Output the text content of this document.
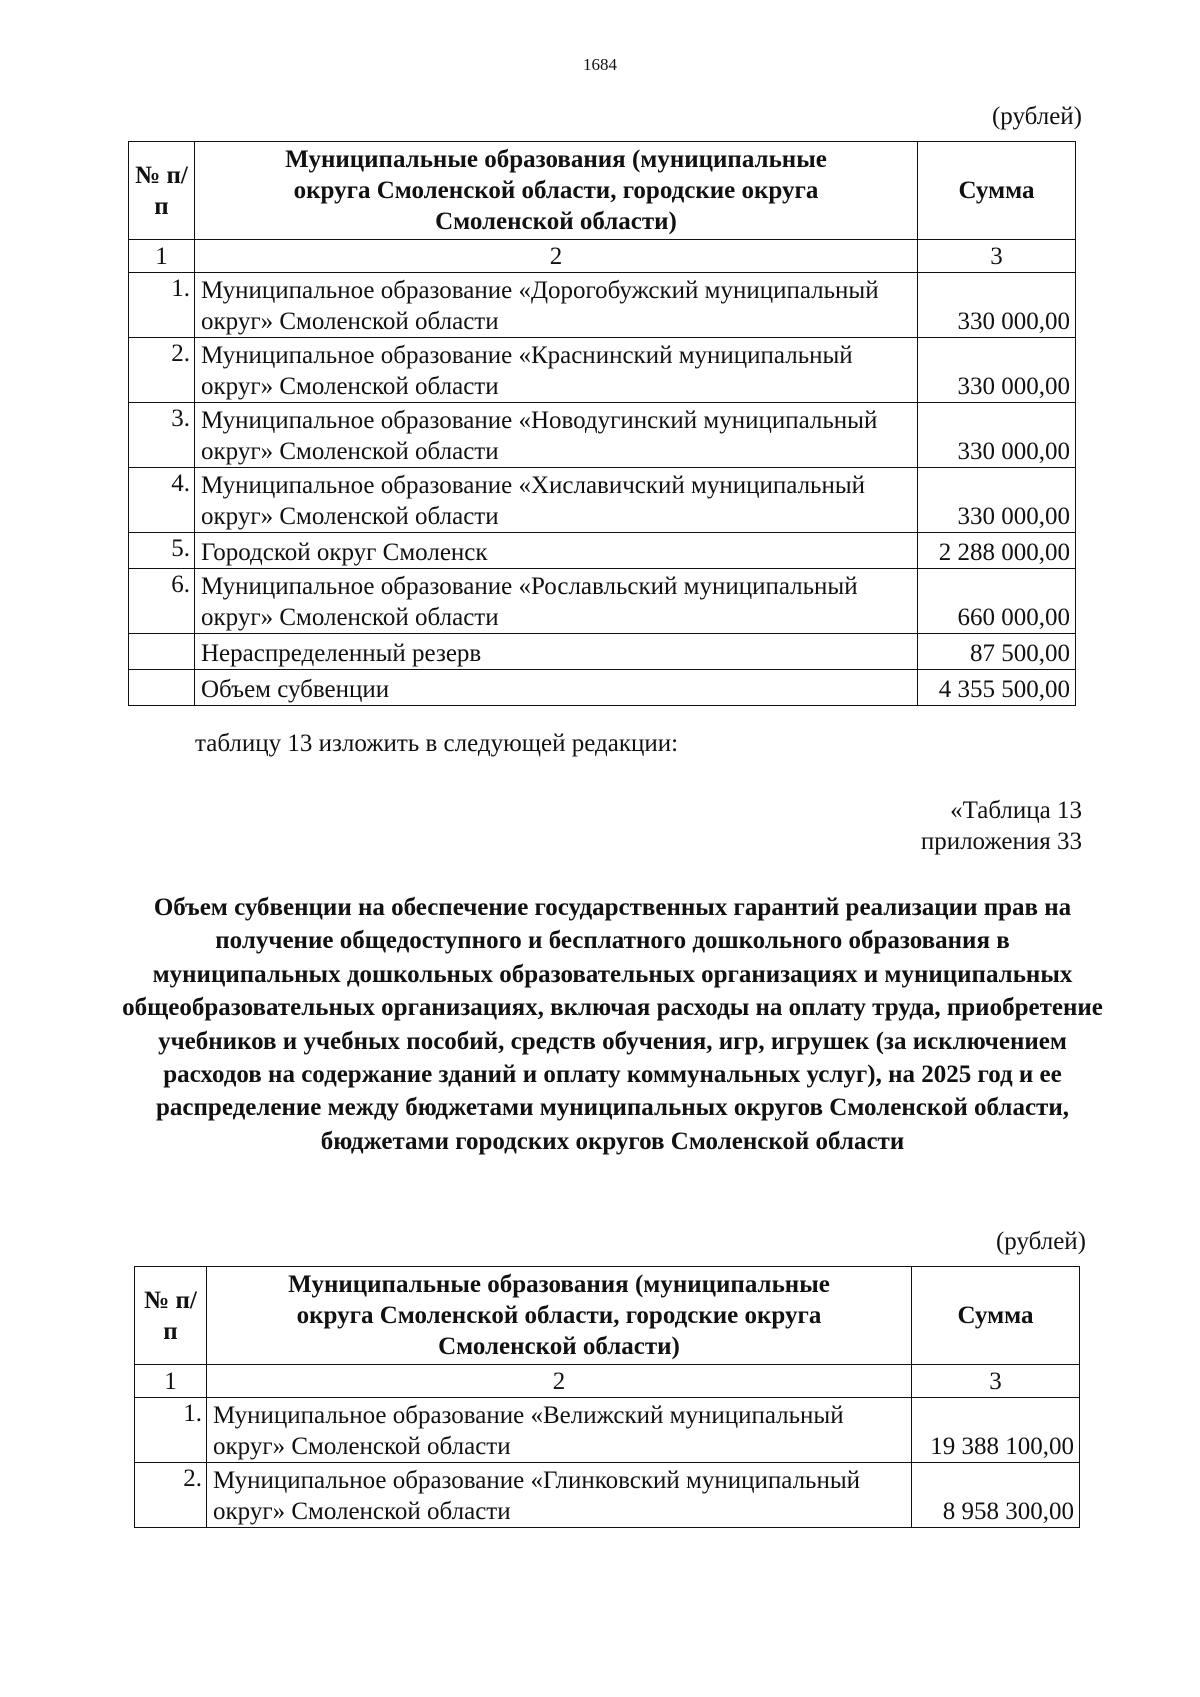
1684
(рублей)
№ п/п	Муниципальные образования (муниципальные округа Смоленской области, городские округа Смоленской области)	Сумма
1	2	3
1.	Муниципальное образование «Дорогобужский муниципальный округ» Смоленской области	330 000,00
2.	Муниципальное образование «Краснинский муниципальный округ» Смоленской области	330 000,00
3.	Муниципальное образование «Новодугинский муниципальный округ» Смоленской области	330 000,00
4.	Муниципальное образование «Хиславичский муниципальный округ» Смоленской области	330 000,00
5.	Городской округ Смоленск	2 288 000,00
6.	Муниципальное образование «Рославльский муниципальный округ» Смоленской области	660 000,00
	Нераспределенный резерв	87 500,00
	Объем субвенции	4 355 500,00
таблицу 13 изложить в следующей редакции:
«Таблица 13
приложения 33
Объем субвенции на обеспечение государственных гарантий реализации прав на получение общедоступного и бесплатного дошкольного образования в муниципальных дошкольных образовательных организациях и муниципальных общеобразовательных организациях, включая расходы на оплату труда, приобретение учебников и учебных пособий, средств обучения, игр, игрушек (за исключением расходов на содержание зданий и оплату коммунальных услуг), на 2025 год и ее распределение между бюджетами муниципальных округов Смоленской области, бюджетами городских округов Смоленской области
(рублей)
№ п/п	Муниципальные образования (муниципальные округа Смоленской области, городские округа Смоленской области)	Сумма
1	2	3
1.	Муниципальное образование «Велижский муниципальный округ» Смоленской области	19 388 100,00
2.	Муниципальное образование «Глинковский муниципальный округ» Смоленской области	8 958 300,00
